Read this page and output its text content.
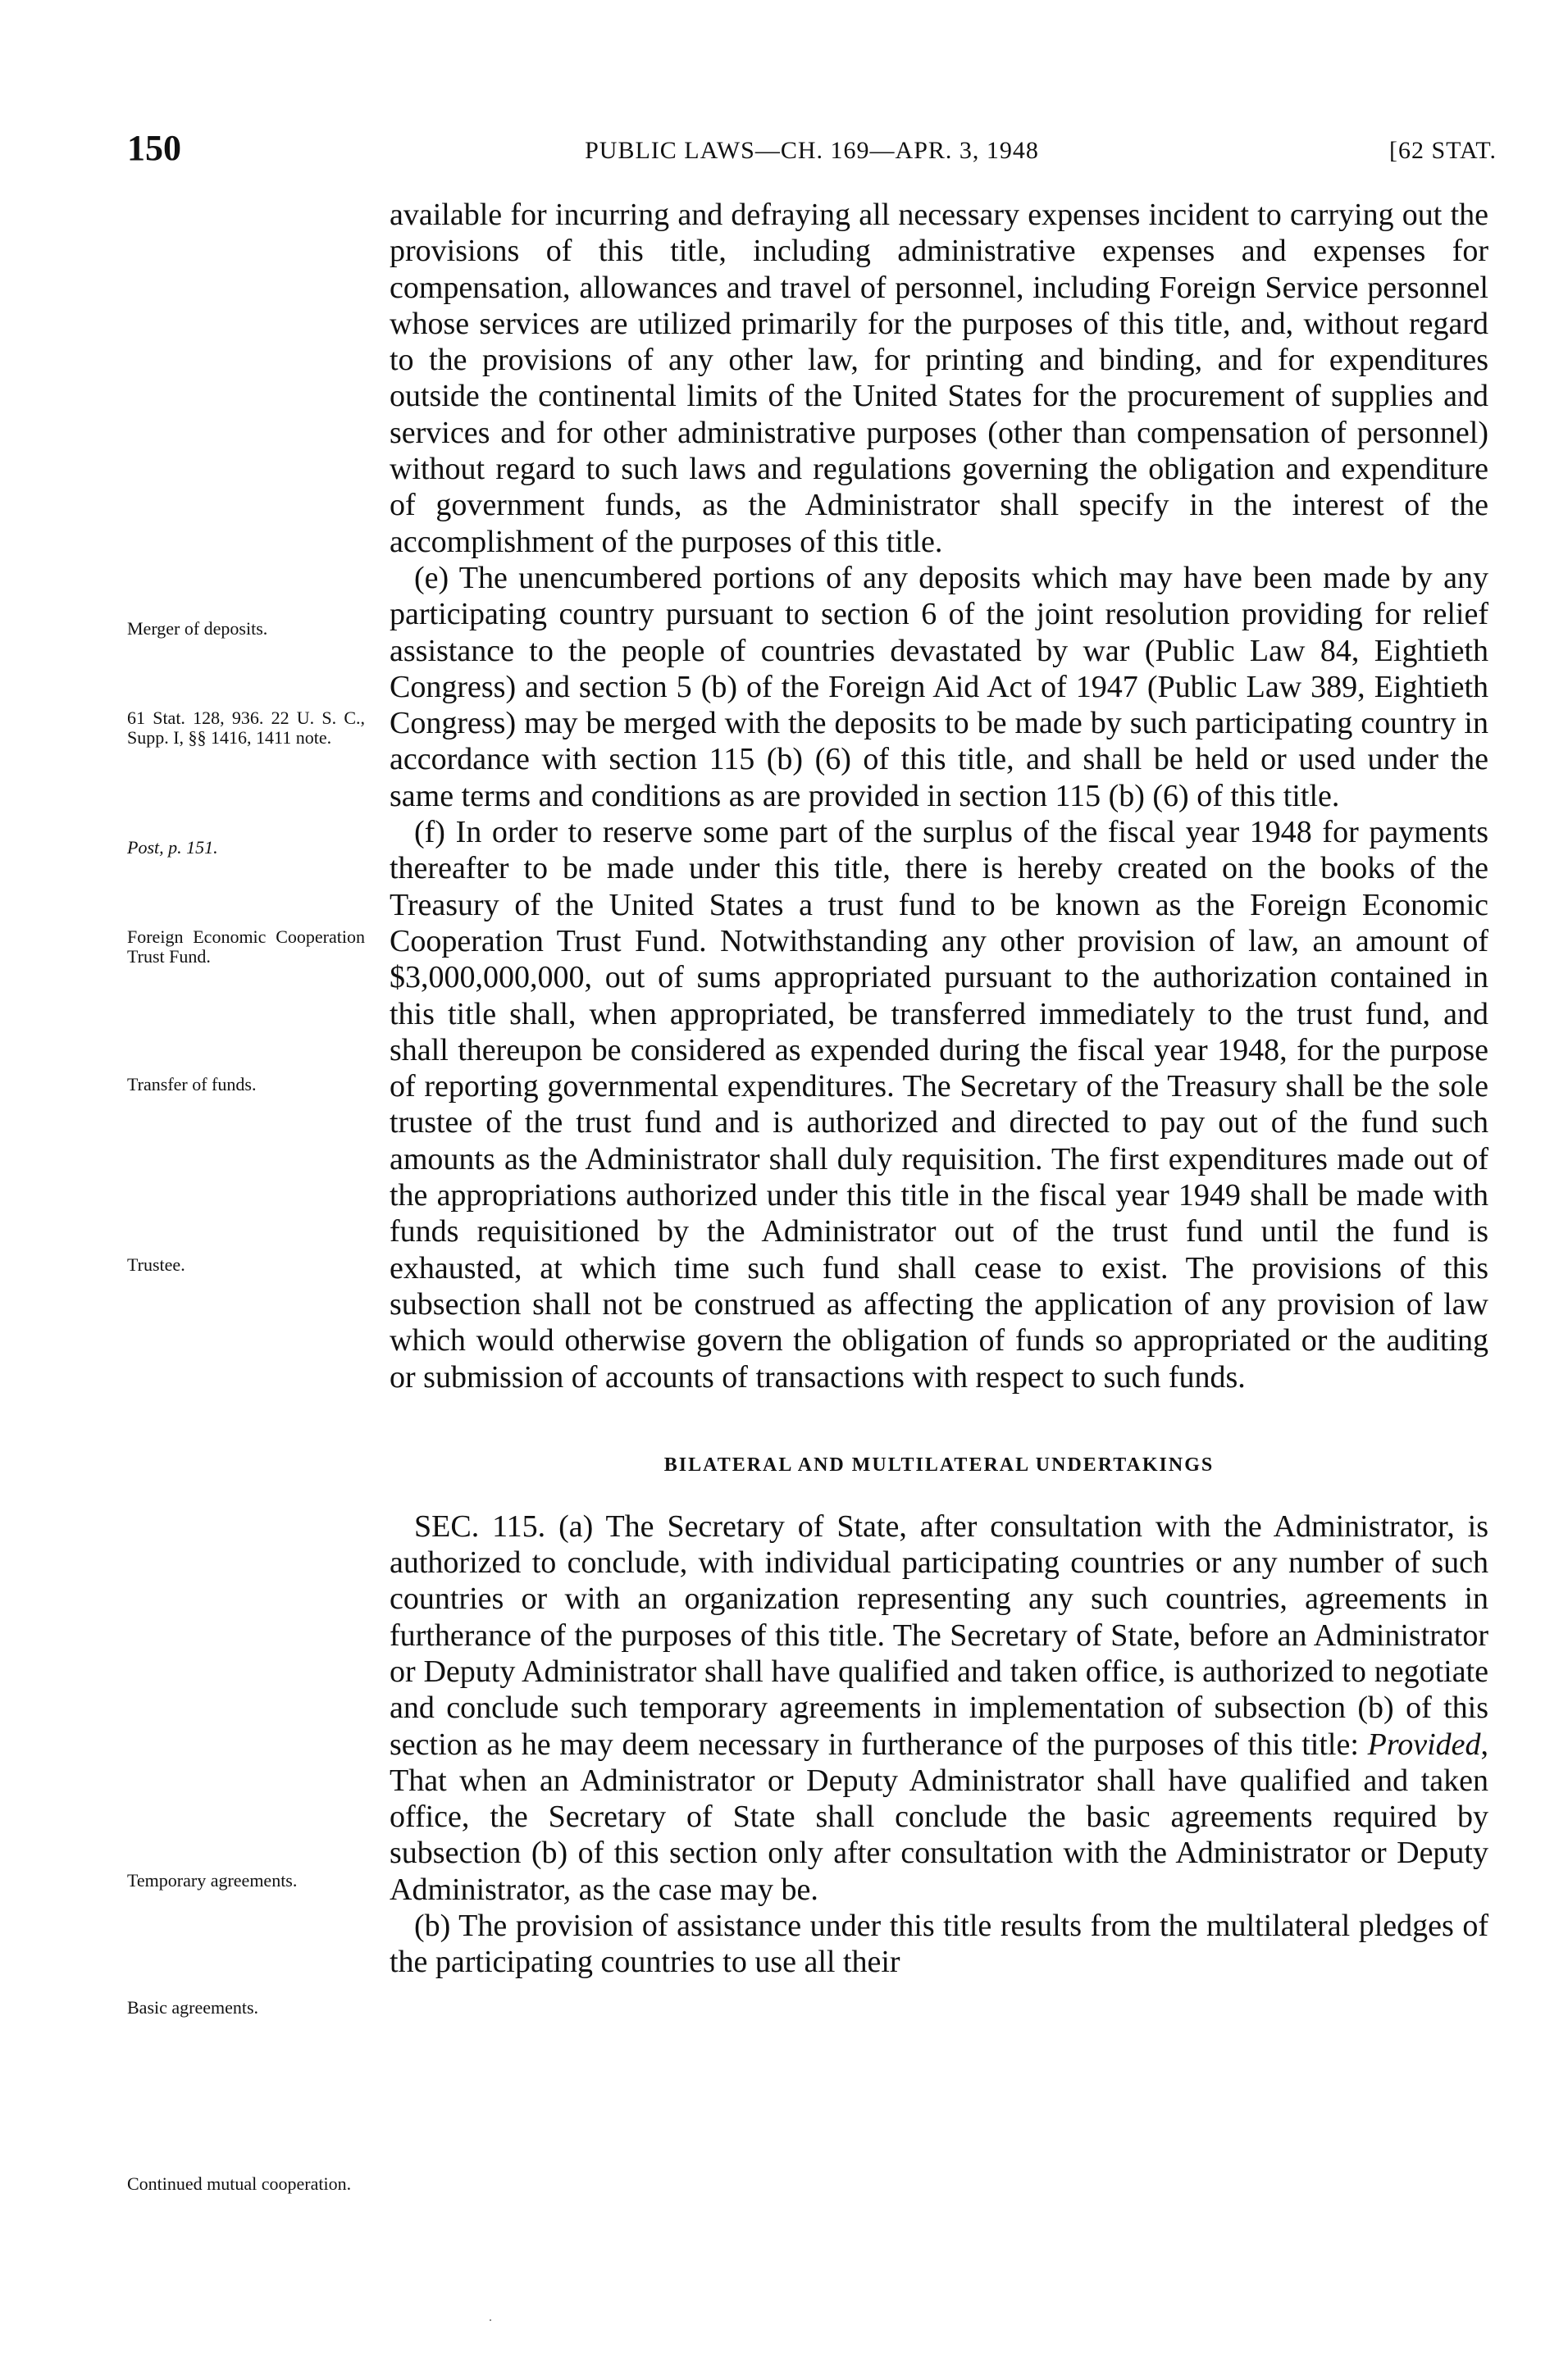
150	PUBLIC LAWS—CH. 169—APR. 3, 1948	[62 STAT.
Merger of deposits.
61 Stat. 128, 936. 22 U. S. C., Supp. I, §§ 1416, 1411 note.
Post, p. 151.
Foreign Economic Cooperation Trust Fund.
Transfer of funds.
Trustee.
Temporary agreements.
Basic agreements.
Continued mutual cooperation.

available for incurring and defraying all necessary expenses incident to carrying out the provisions of this title, including administrative expenses and expenses for compensation, allowances and travel of personnel, including Foreign Service personnel whose services are utilized primarily for the purposes of this title, and, without regard to the provisions of any other law, for printing and binding, and for expenditures outside the continental limits of the United States for the procurement of supplies and services and for other administrative purposes (other than compensation of personnel) without regard to such laws and regulations governing the obligation and expenditure of government funds, as the Administrator shall specify in the interest of the accomplishment of the purposes of this title.

(e) The unencumbered portions of any deposits which may have been made by any participating country pursuant to section 6 of the joint resolution providing for relief assistance to the people of countries devastated by war (Public Law 84, Eightieth Congress) and section 5 (b) of the Foreign Aid Act of 1947 (Public Law 389, Eightieth Congress) may be merged with the deposits to be made by such participating country in accordance with section 115 (b) (6) of this title, and shall be held or used under the same terms and conditions as are provided in section 115 (b) (6) of this title.

(f) In order to reserve some part of the surplus of the fiscal year 1948 for payments thereafter to be made under this title, there is hereby created on the books of the Treasury of the United States a trust fund to be known as the Foreign Economic Cooperation Trust Fund. Notwithstanding any other provision of law, an amount of $3,000,000,000, out of sums appropriated pursuant to the authorization contained in this title shall, when appropriated, be transferred immediately to the trust fund, and shall thereupon be considered as expended during the fiscal year 1948, for the purpose of reporting governmental expenditures. The Secretary of the Treasury shall be the sole trustee of the trust fund and is authorized and directed to pay out of the fund such amounts as the Administrator shall duly requisition. The first expenditures made out of the appropriations authorized under this title in the fiscal year 1949 shall be made with funds requisitioned by the Administrator out of the trust fund until the fund is exhausted, at which time such fund shall cease to exist. The provisions of this subsection shall not be construed as affecting the application of any provision of law which would otherwise govern the obligation of funds so appropriated or the auditing or submission of accounts of transactions with respect to such funds.

BILATERAL AND MULTILATERAL UNDERTAKINGS

SEC. 115. (a) The Secretary of State, after consultation with the Administrator, is authorized to conclude, with individual participating countries or any number of such countries or with an organization representing any such countries, agreements in furtherance of the purposes of this title. The Secretary of State, before an Administrator or Deputy Administrator shall have qualified and taken office, is authorized to negotiate and conclude such temporary agreements in implementation of subsection (b) of this section as he may deem necessary in furtherance of the purposes of this title: Provided, That when an Administrator or Deputy Administrator shall have qualified and taken office, the Secretary of State shall conclude the basic agreements required by subsection (b) of this section only after consultation with the Administrator or Deputy Administrator, as the case may be.

(b) The provision of assistance under this title results from the multilateral pledges of the participating countries to use all their

·
